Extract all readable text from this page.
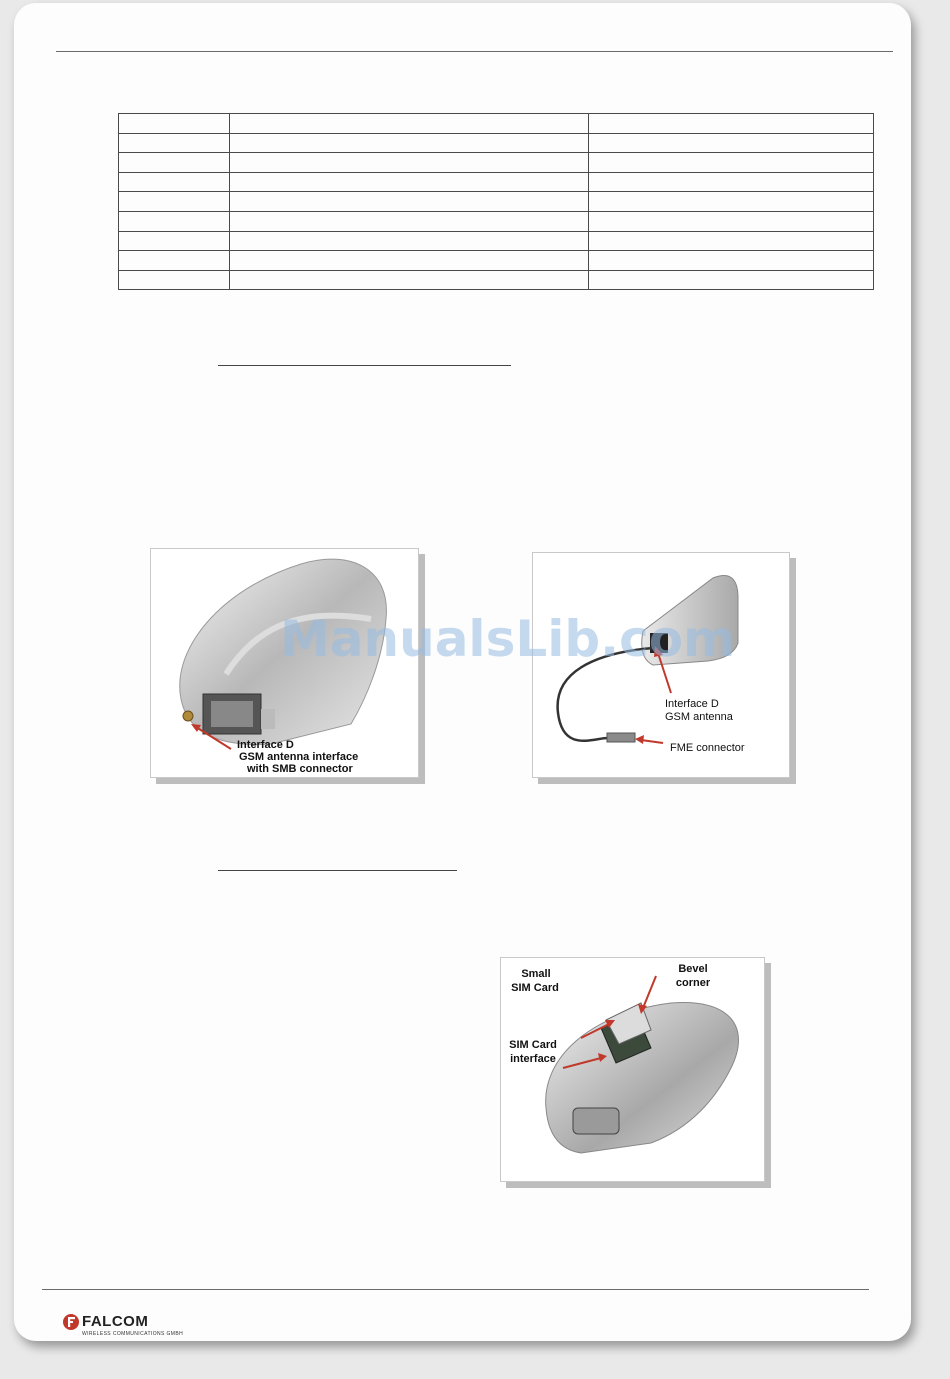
Interface D
GSM antenna interface
with SMB connector
Interface D
GSM antenna
FME connector
Small
SIM Card
Bevel
corner
SIM Card
interface
ManualsLib.com
FALCOM
WIRELESS COMMUNICATIONS GMBH
